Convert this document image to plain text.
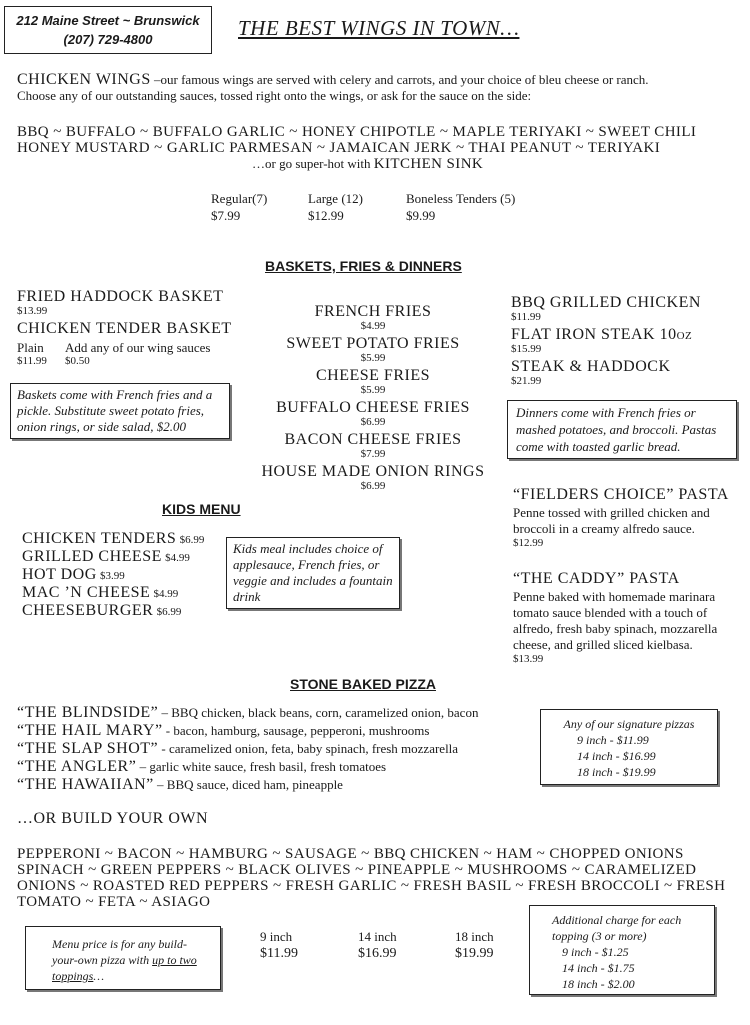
212 Maine Street ~ Brunswick
(207) 729-4800	THE BEST WINGS IN TOWN…
CHICKEN WINGS –our famous wings are served with celery and carrots, and your choice of bleu cheese or ranch.
Choose any of our outstanding sauces, tossed right onto the wings, or ask for the sauce on the side:
BBQ ~ BUFFALO ~ BUFFALO GARLIC ~ HONEY CHIPOTLE ~ MAPLE TERIYAKI ~ SWEET CHILI
HONEY MUSTARD ~ GARLIC PARMESAN ~ JAMAICAN JERK ~ THAI PEANUT ~ TERIYAKI
…or go super-hot with KITCHEN SINK
Regular(7)
$7.99
Large (12)
$12.99
Boneless Tenders (5)
$9.99
BASKETS, FRIES & DINNERS
FRIED HADDOCK BASKET
$13.99
CHICKEN TENDER BASKET
Plain
$11.99
Add any of our wing sauces
$0.50
Baskets come with French fries and a pickle. Substitute sweet potato fries, onion rings, or side salad, $2.00
FRENCH FRIES
$4.99
SWEET POTATO FRIES
$5.99
CHEESE FRIES
$5.99
BUFFALO CHEESE FRIES
$6.99
BACON CHEESE FRIES
$7.99
HOUSE MADE ONION RINGS
$6.99
BBQ GRILLED CHICKEN
$11.99
FLAT IRON STEAK 10oz
$15.99
STEAK & HADDOCK
$21.99
Dinners come with French fries or mashed potatoes, and broccoli. Pastas come with toasted garlic bread.
“FIELDERS CHOICE” PASTA
Penne tossed with grilled chicken and broccoli in a creamy alfredo sauce.
$12.99
“THE CADDY” PASTA
Penne baked with homemade marinara tomato sauce blended with a touch of alfredo, fresh baby spinach, mozzarella cheese, and grilled sliced kielbasa.
$13.99
KIDS MENU
CHICKEN TENDERS $6.99
GRILLED CHEESE $4.99
HOT DOG $3.99
MAC ’N CHEESE $4.99
CHEESEBURGER $6.99
Kids meal includes choice of applesauce, French fries, or veggie and includes a fountain drink
STONE BAKED PIZZA
“THE BLINDSIDE” – BBQ chicken, black beans, corn, caramelized onion, bacon
“THE HAIL MARY” - bacon, hamburg, sausage, pepperoni, mushrooms
“THE SLAP SHOT” - caramelized onion, feta, baby spinach, fresh mozzarella
“THE ANGLER” – garlic white sauce, fresh basil, fresh tomatoes
“THE HAWAIIAN” – BBQ sauce, diced ham, pineapple
Any of our signature pizzas
9 inch - $11.99
14 inch - $16.99
18 inch - $19.99
…OR BUILD YOUR OWN
PEPPERONI ~ BACON ~ HAMBURG ~ SAUSAGE ~ BBQ CHICKEN ~ HAM ~ CHOPPED ONIONS
SPINACH ~ GREEN PEPPERS ~ BLACK OLIVES ~ PINEAPPLE ~ MUSHROOMS ~ CARAMELIZED
ONIONS ~ ROASTED RED PEPPERS ~ FRESH GARLIC ~ FRESH BASIL ~ FRESH BROCCOLI ~ FRESH
TOMATO ~ FETA ~ ASIAGO
Menu price is for any build-your-own pizza with up to two toppings…
9 inch
$11.99
14 inch
$16.99
18 inch
$19.99
Additional charge for each topping (3 or more)
9 inch - $1.25
14 inch - $1.75
18 inch - $2.00
